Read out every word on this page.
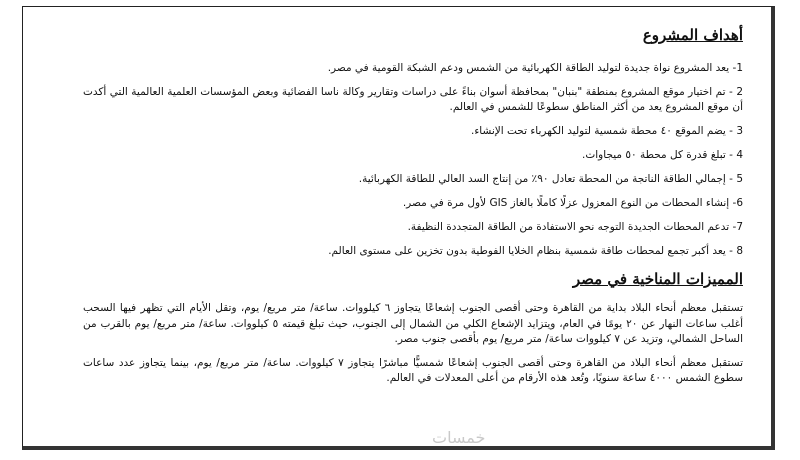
أهداف المشروع

1- يعد المشروع نواة جديدة لتوليد الطاقة الكهربائية من الشمس ودعم الشبكة القومية في مصر.

2 - تم اختيار موقع المشروع بمنطقة "بنبان" بمحافظة أسوان بناءً على دراسات وتقارير وكالة ناسا الفضائية وبعض المؤسسات العلمية العالمية التي أكدت أن موقع المشروع يعد من أكثر المناطق سطوعًا للشمس في العالم.

3 - يضم الموقع ٤٠ محطة شمسية لتوليد الكهرباء تحت الإنشاء.

4 - تبلغ قدرة كل محطة ٥٠ ميجاوات.

5 - إجمالي الطاقة الناتجة من المحطة تعادل ٩٠٪ من إنتاج السد العالي للطاقة الكهربائية.

6- إنشاء المحطات من النوع المعزول عزلًا كاملًا بالغاز GIS لأول مرة في مصر.

7- تدعم المحطات الجديدة التوجه نحو الاستفادة من الطاقة المتجددة النظيفة.

8 - يعد أكبر تجمع لمحطات طاقة شمسية بنظام الخلايا الفوطية بدون تخزين على مستوى العالم.

المميزات المناخية في مصر

تستقبل معظم أنحاء البلاد بداية من القاهرة وحتى أقصى الجنوب إشعاعًا يتجاوز ٦ كيلووات. ساعة/ متر مربع/ يوم، وتقل الأيام التي تظهر فيها السحب أغلب ساعات النهار عن ٢٠ يومًا في العام، ويتزايد الإشعاع الكلي من الشمال إلى الجنوب، حيث تبلغ قيمته ٥ كيلووات. ساعة/ متر مربع/ يوم بالقرب من الساحل الشمالي، وتزيد عن ٧ كيلووات ساعة/ متر مربع/ يوم بأقصى جنوب مصر.

تستقبل معظم أنحاء البلاد من القاهرة وحتى أقصى الجنوب إشعاعًا شمسيًّا مباشرًا يتجاوز ٧ كيلووات. ساعة/ متر مربع/ يوم، بينما يتجاوز عدد ساعات سطوع الشمس ٤٠٠٠ ساعة سنويًا، وتُعد هذه الأرقام من أعلى المعدلات في العالم.

خمسات
